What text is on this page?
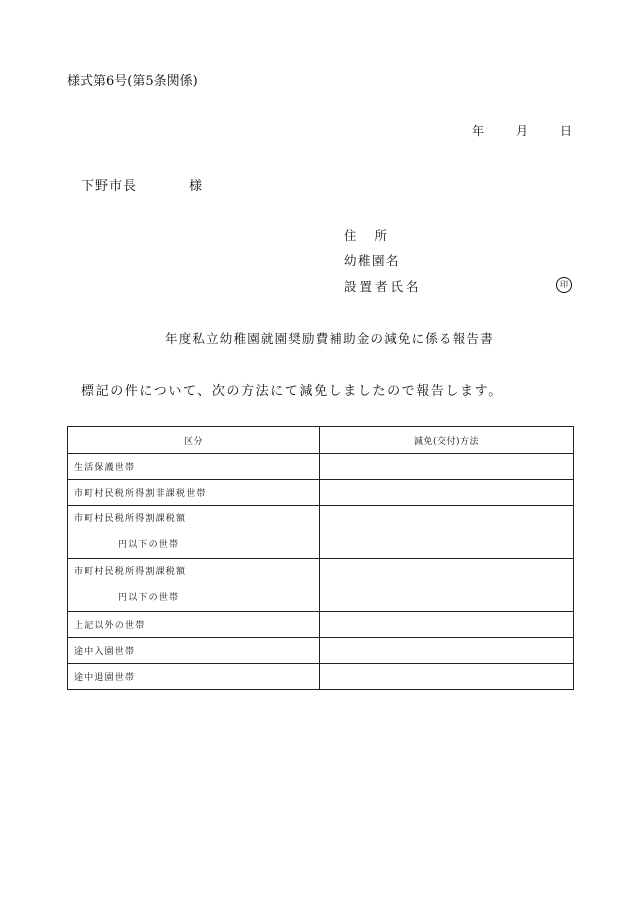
様式第6号(第5条関係)
年	月	日
下野市長	様
住所
幼稚園名
設置者氏名	印
年度私立幼稚園就園奨励費補助金の減免に係る報告書
標記の件について、次の方法にて減免しましたので報告します。
区分	減免(交付)方法
生活保護世帯	
市町村民税所得割非課税世帯	

市町村民税所得割課税額
円以下の世帯	

市町村民税所得割課税額
円以下の世帯	

上記以外の世帯	
途中入園世帯	
途中退園世帯	
